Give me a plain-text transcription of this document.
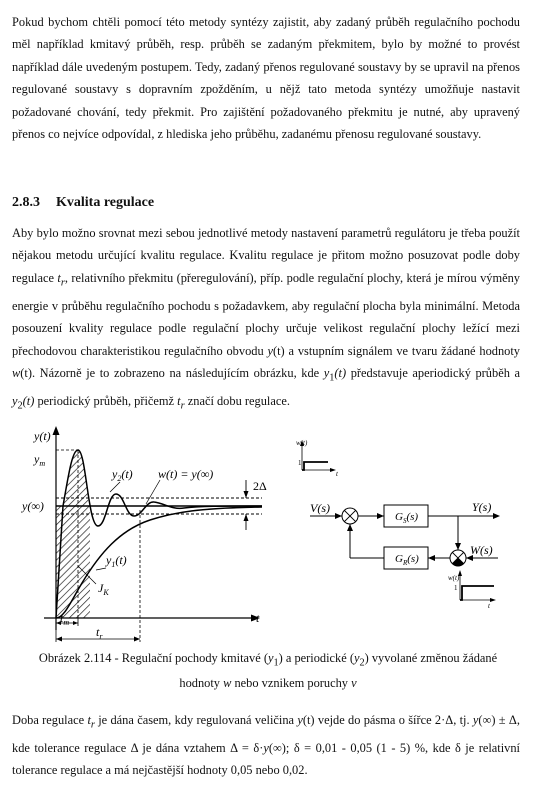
Pokud bychom chtěli pomocí této metody syntézy zajistit, aby zadaný průběh regulačního pochodu měl například kmitavý průběh, resp. průběh se zadaným překmitem, bylo by možné to provést například dále uvedeným postupem. Tedy, zadaný přenos regulované soustavy by se upravil na přenos regulované soustavy s dopravním zpožděním, u nějž tato metoda syntézy umožňuje nastavit požadované chování, tedy překmit. Pro zajištění požadovaného překmitu je nutné, aby upravený přenos co nejvíce odpovídal, z hlediska jeho průběhu, zadanému přenosu regulované soustavy.

2.8.3 Kvalita regulace

Aby bylo možno srovnat mezi sebou jednotlivé metody nastavení parametrů regulátoru je třeba použít nějakou metodu určující kvalitu regulace. Kvalitu regulace je přitom možno posuzovat podle doby regulace $t_r$, relativního překmitu (přeregulování), příp. podle regulační plochy, která je mírou výměny energie v průběhu regulačního pochodu s požadavkem, aby regulační plocha byla minimální. Metoda posouzení kvality regulace podle regulační plochy určuje velikost regulační plochy ležící mezi přechodovou charakteristikou regulačního obvodu y(t) a vstupním signálem ve tvaru žádané hodnoty w(t). Názorně je to zobrazeno na následujícím obrázku, kde $y_1(t)$ představuje aperiodický průběh a $y_2(t)$ periodický průběh, přičemž $t_r$ značí dobu regulace.

y(t)
$y_m$
y(∞)
$y_2(t) w(t) = y(\infty)$
2Δ
$y_1(t)$
$J_K$
$t_m$
$t_r$
t
w(t)
1
t
V(s)
$G_S(s)$
Y(s)
$G_R(s)$
W(s)
w(t)
1
t

Obrázek 2.114 - Regulační pochody kmitavé $(y_1)$ a periodické $(y_2)$ vyvolané změnou žádané hodnoty w nebo vznikem poruchy v

Doba regulace $t_r$ je dána časem, kdy regulovaná veličina y(t) vejde do pásma o šířce 2·Δ, tj. y(∞) ± Δ, kde tolerance regulace Δ je dána vztahem Δ = δ·y(∞); δ = 0,01 - 0,05 (1 - 5) %, kde δ je relativní tolerance regulace a má nejčastější hodnoty 0,05 nebo 0,02.
